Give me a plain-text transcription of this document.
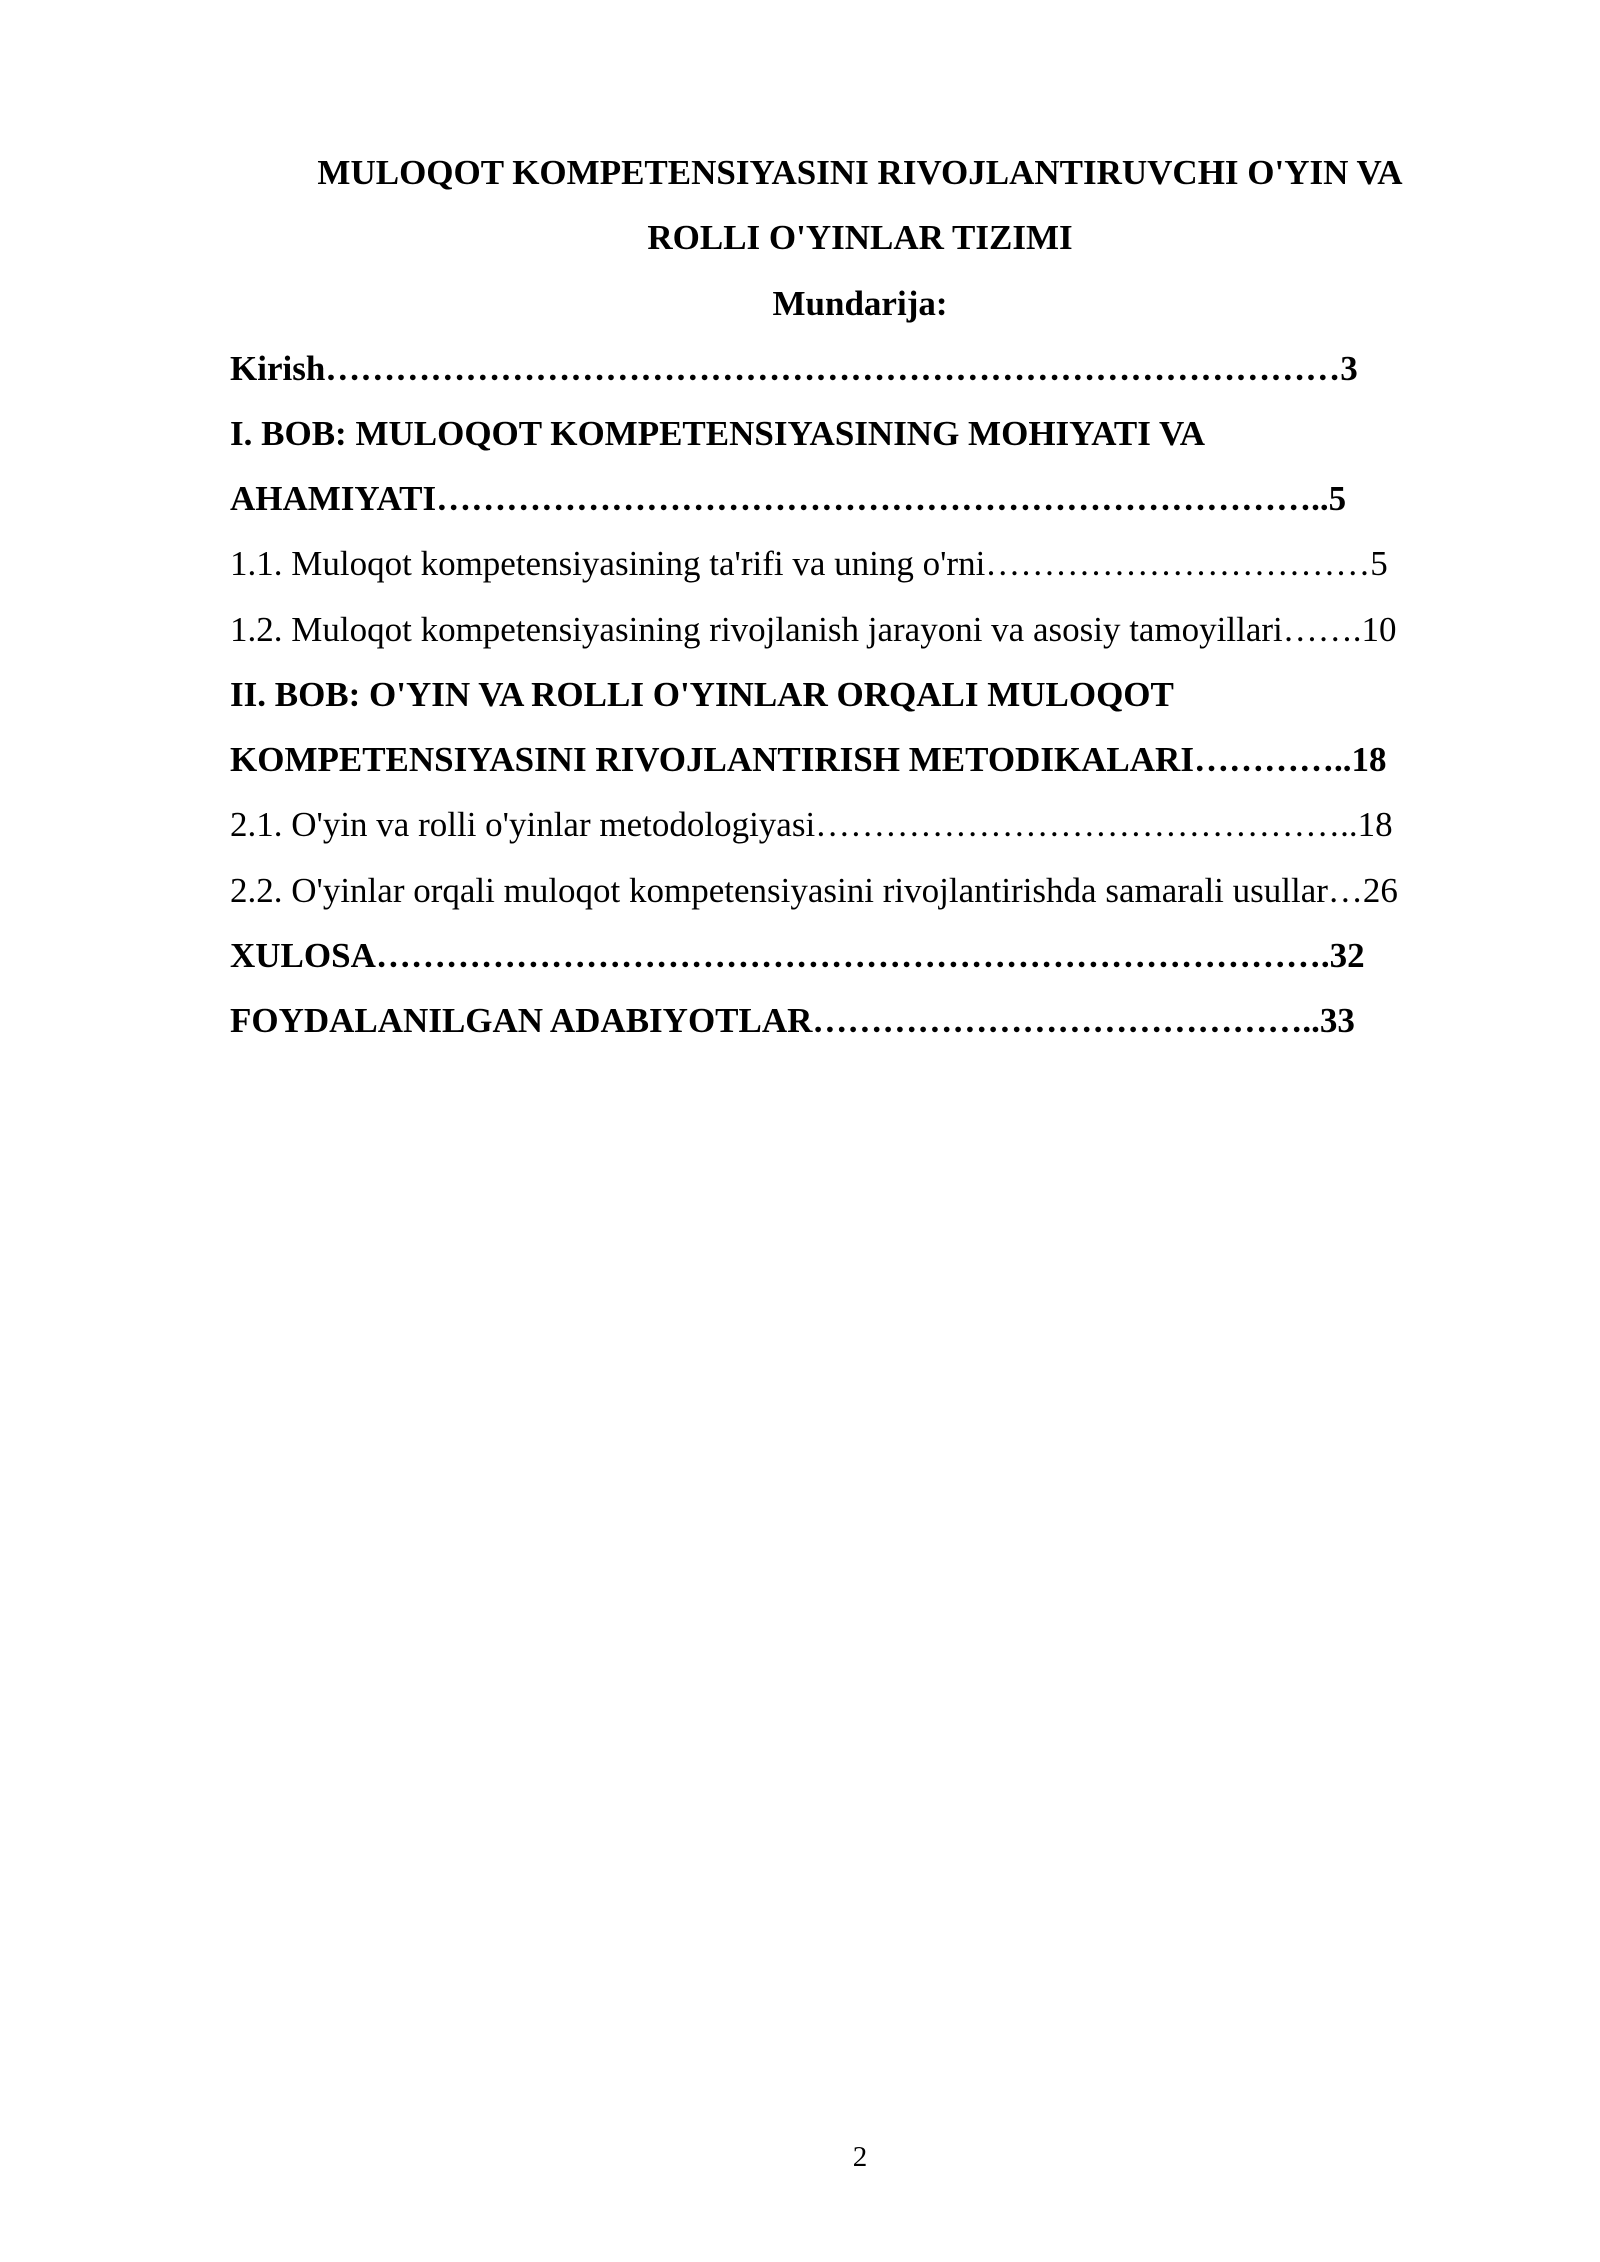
MULOQOT KOMPETENSIYASINI RIVOJLANTIRUVCHI O'YIN VA
ROLLI O'YINLAR TIZIMI
Mundarija:
Kirish……………………………………………………………………………3
I. BOB: MULOQOT KOMPETENSIYASINING MOHIYATI VA
AHAMIYATI…………………………………………………………………..5
1.1. Muloqot kompetensiyasining ta'rifi va uning o'rni……………………………5
1.2. Muloqot kompetensiyasining rivojlanish jarayoni va asosiy tamoyillari…….10
II. BOB: O'YIN VA ROLLI O'YINLAR ORQALI MULOQOT
KOMPETENSIYASINI RIVOJLANTIRISH METODIKALARI…………..18
2.1. O'yin va rolli o'yinlar metodologiyasi………………………………………..18
2.2. O'yinlar orqali muloqot kompetensiyasini rivojlantirishda samarali usullar…26
XULOSA……………………………………………………………………….32
FOYDALANILGAN ADABIYOTLAR……………………………………..33
2
